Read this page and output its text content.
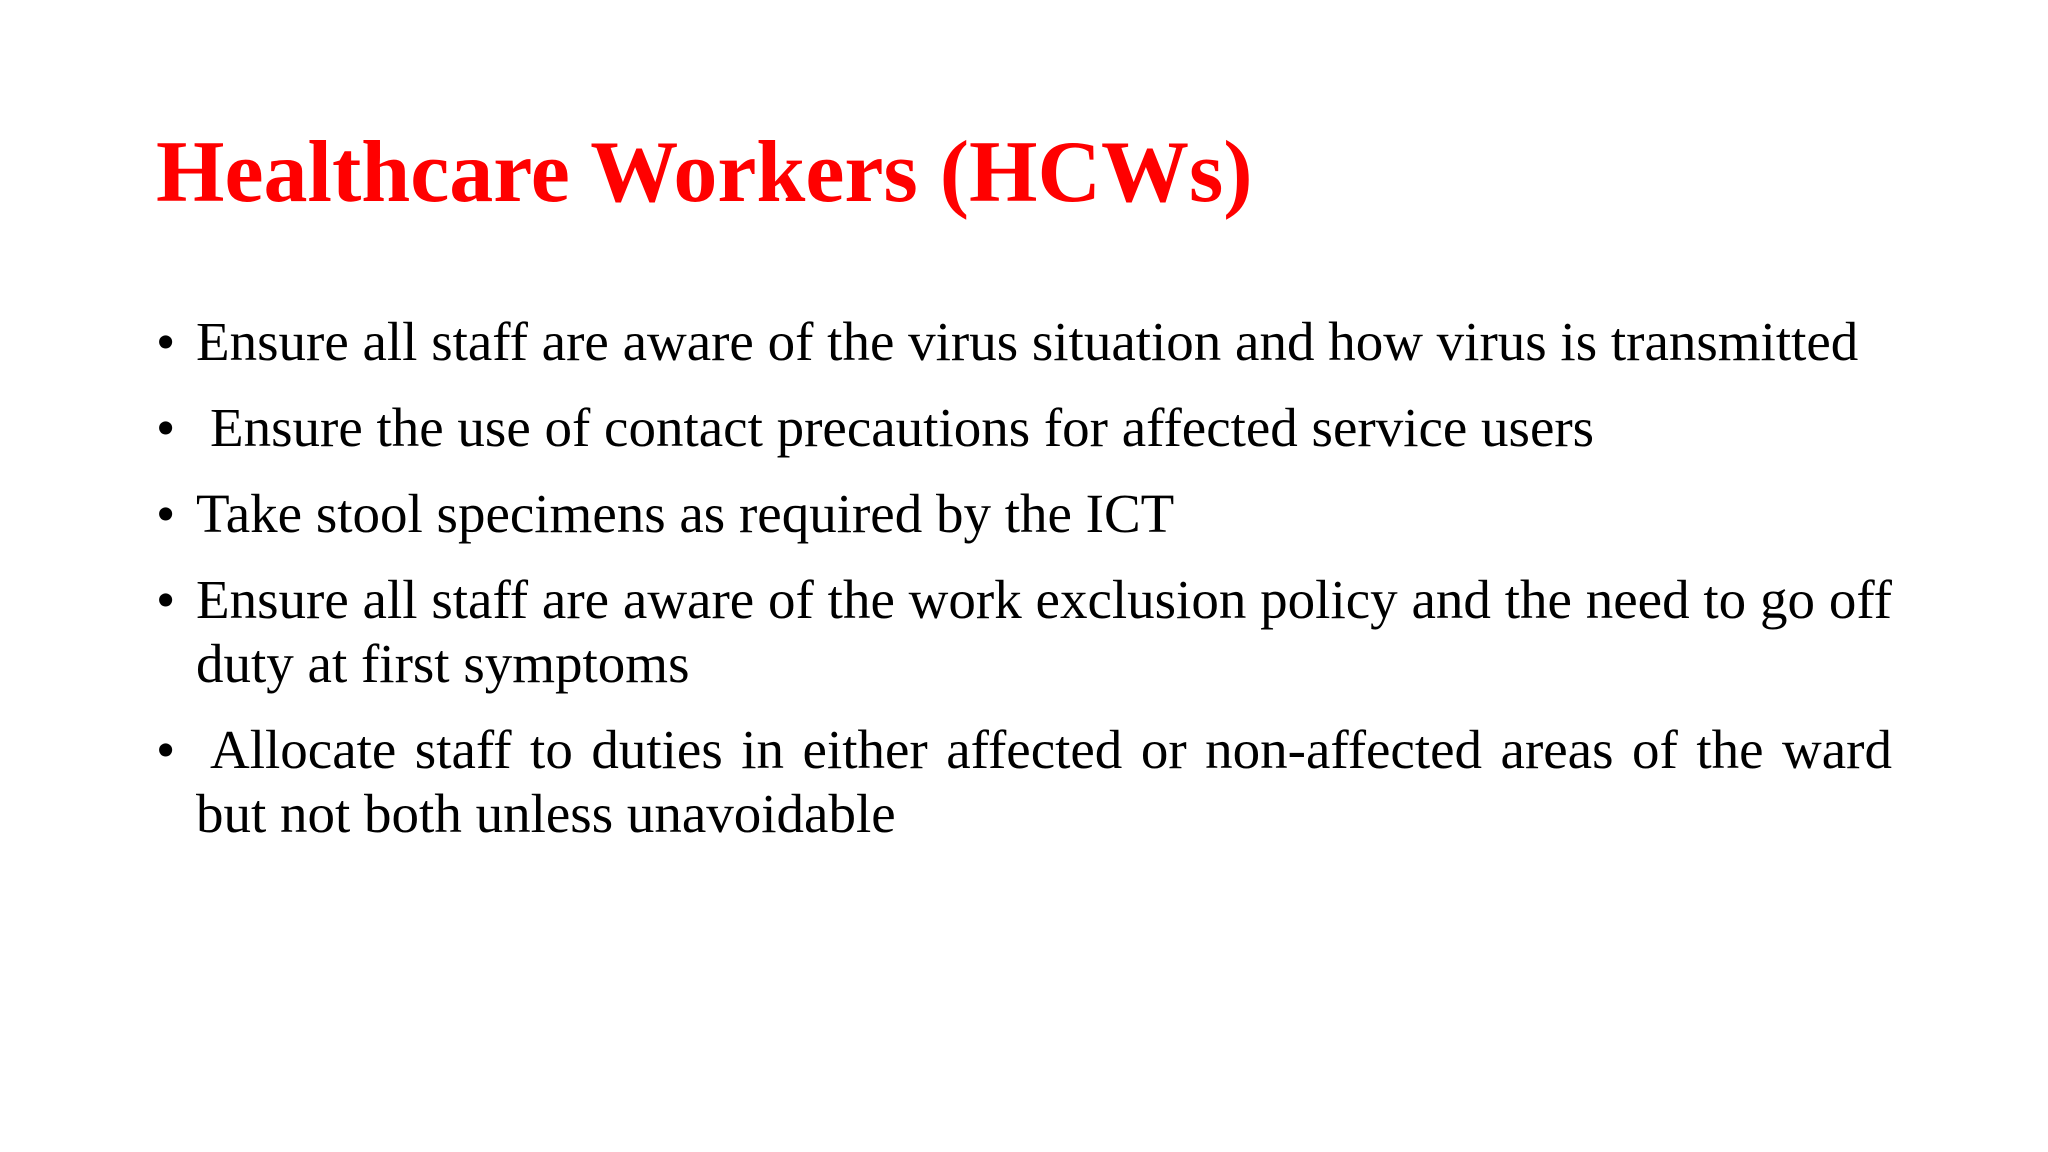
Healthcare Workers (HCWs)
• Ensure all staff are aware of the virus situation and how virus is transmitted
• Ensure the use of contact precautions for affected service users
• Take stool specimens as required by the ICT
• Ensure all staff are aware of the work exclusion policy and the need to go off duty at first symptoms
• Allocate staff to duties in either affected or non-affected areas of the ward but not both unless unavoidable
